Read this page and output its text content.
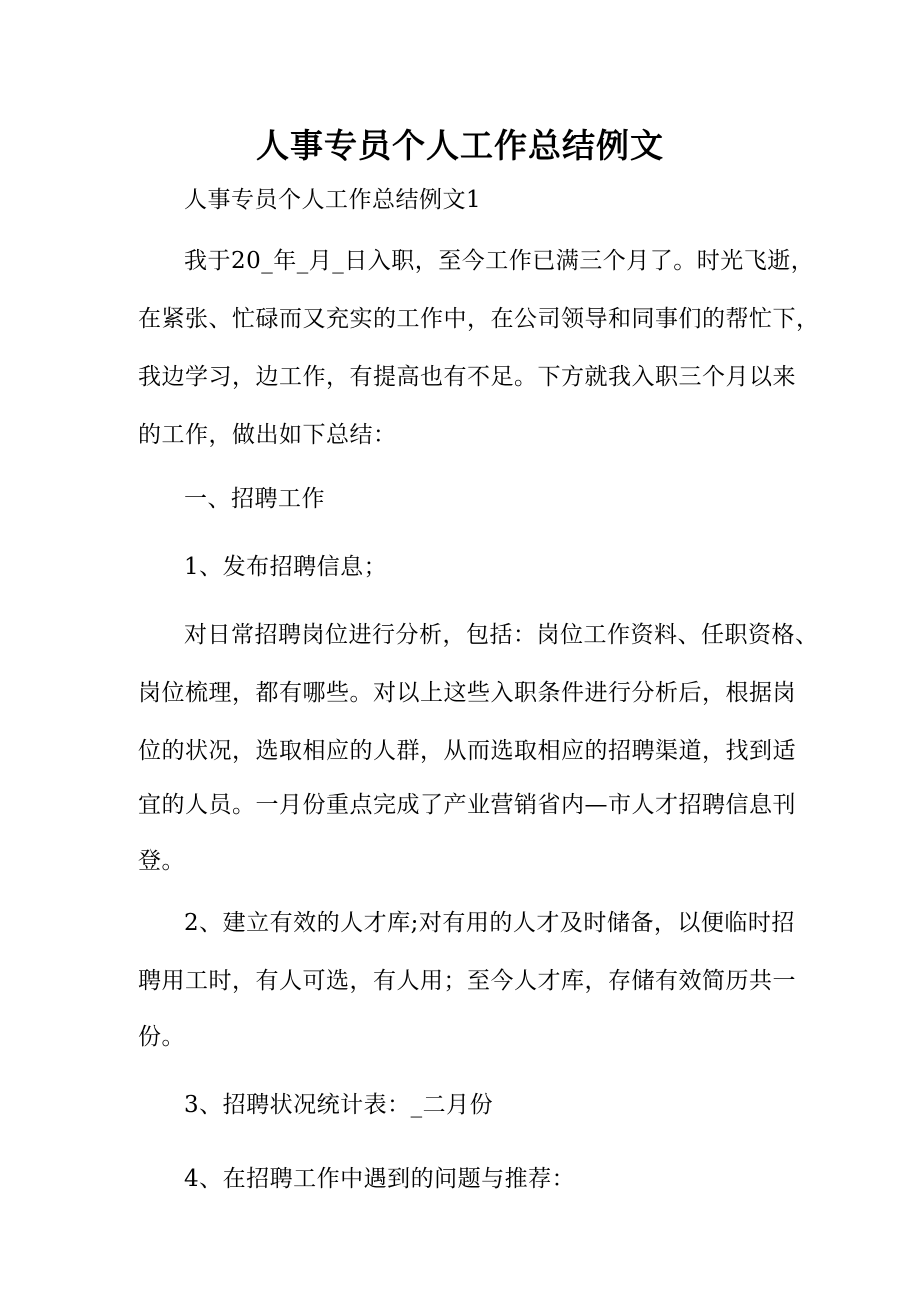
人事专员个人工作总结例文

人事专员个人工作总结例文1

我于20_年_月_日入职，至今工作已满三个月了。时光飞逝，

在紧张、忙碌而又充实的工作中，在公司领导和同事们的帮忙下，

我边学习，边工作，有提高也有不足。下方就我入职三个月以来

的工作，做出如下总结：

一、招聘工作

1、发布招聘信息；

对日常招聘岗位进行分析，包括：岗位工作资料、任职资格、

岗位梳理，都有哪些。对以上这些入职条件进行分析后，根据岗

位的状况，选取相应的人群，从而选取相应的招聘渠道，找到适

宜的人员。一月份重点完成了产业营销省内—市人才招聘信息刊

登。

2、建立有效的人才库;对有用的人才及时储备，以便临时招

聘用工时，有人可选，有人用；至今人才库，存储有效简历共一

份。

3、招聘状况统计表：_二月份

4、在招聘工作中遇到的问题与推荐：
